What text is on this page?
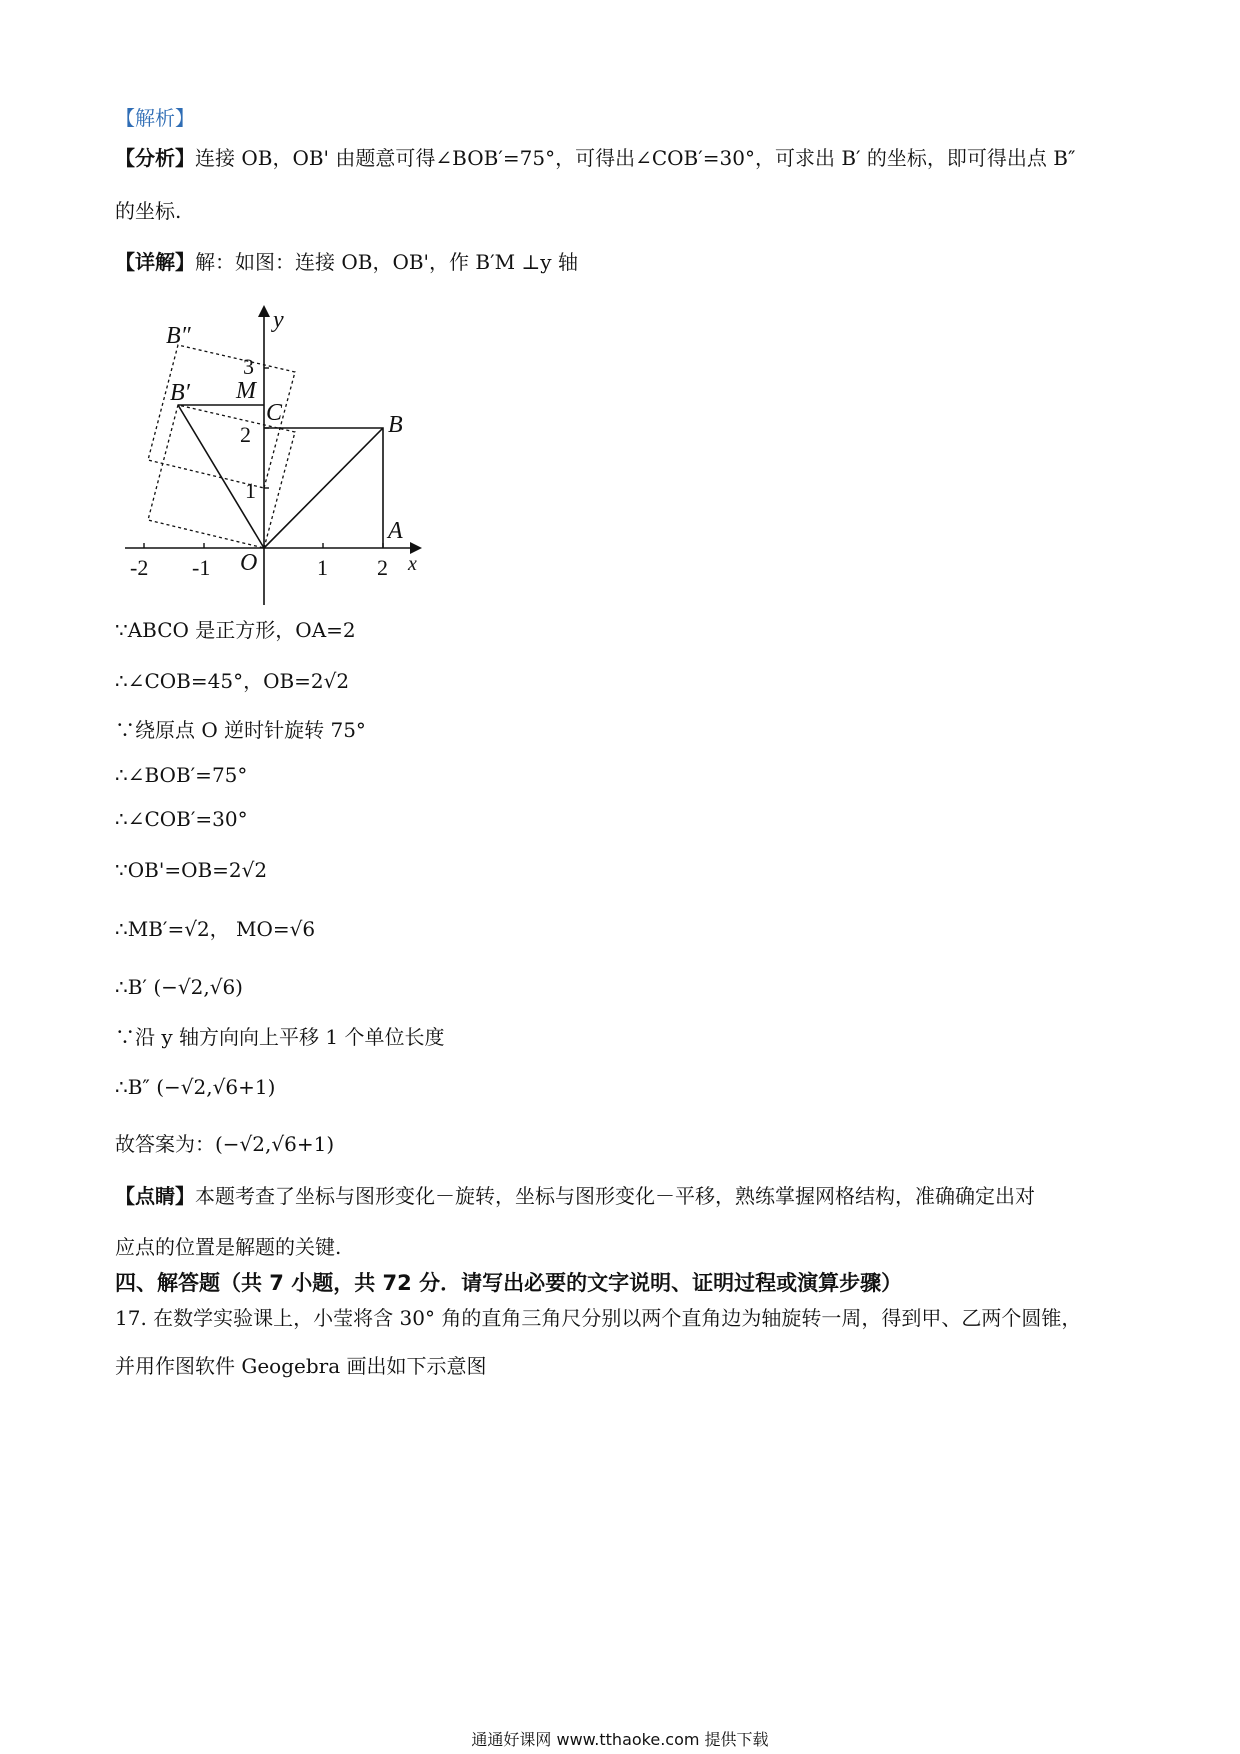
【解析】
【分析】连接 OB，OB' 由题意可得∠BOB′=75°，可得出∠COB′=30°，可求出 B′ 的坐标，即可得出点 B″
的坐标.
【详解】解：如图：连接 OB，OB'，作 B′M ⊥y 轴
B″
B′ M
C	B
A
O	x
y
3
2
1
-2 -1	1 2
∵ABCO 是正方形，OA=2
∴∠COB=45°，OB=2√2
∵绕原点 O 逆时针旋转 75°
∴∠BOB′=75°
∴∠COB′=30°
∵OB'=OB=2√2
∴MB′=√2， MO=√6
∴B′ (−√2,√6)
∵沿 y 轴方向向上平移 1 个单位长度
∴B″ (−√2,√6+1)
故答案为：(−√2,√6+1)
【点睛】本题考查了坐标与图形变化－旋转，坐标与图形变化－平移，熟练掌握网格结构，准确确定出对
应点的位置是解题的关键.
四、解答题（共 7 小题，共 72 分．请写出必要的文字说明、证明过程或演算步骤）
17. 在数学实验课上，小莹将含 30° 角的直角三角尺分别以两个直角边为轴旋转一周，得到甲、乙两个圆锥，
并用作图软件 Geogebra 画出如下示意图
通通好课网 www.tthaoke.com 提供下载
